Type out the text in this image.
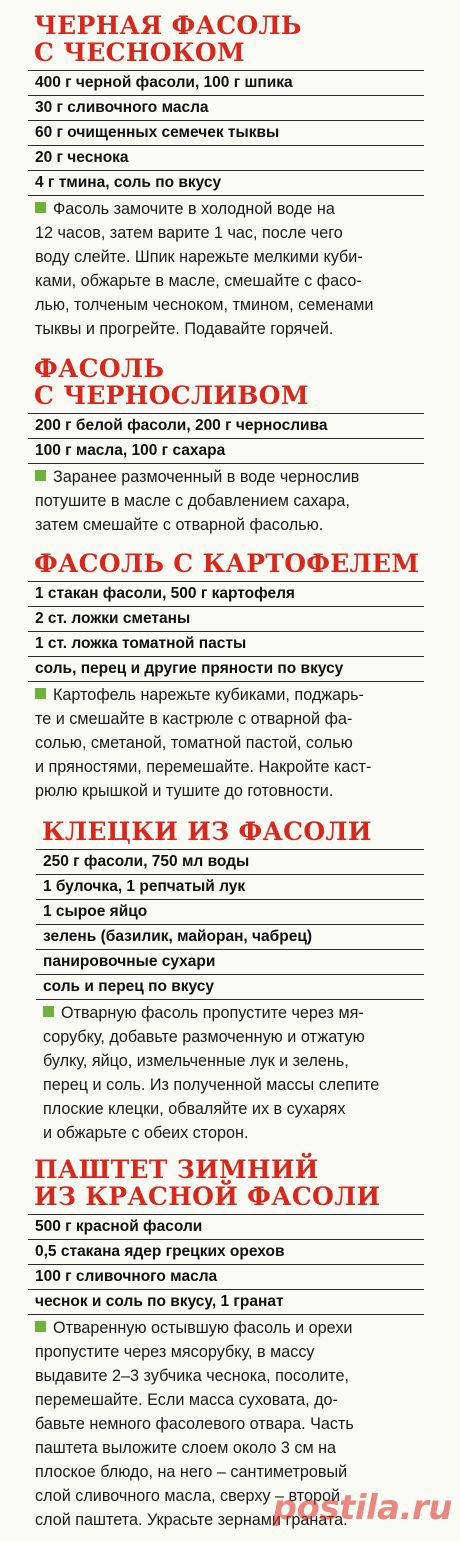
ЧЕРНАЯ ФАСОЛЬ
С ЧЕСНОКОМ
400 г черной фасоли, 100 г шпика
30 г сливочного масла
60 г очищенных семечек тыквы
20 г чеснока
4 г тмина, соль по вкусу
Фасоль замочите в холодной воде на
12 часов, затем варите 1 час, после чего
воду слейте. Шпик нарежьте мелкими куби-
ками, обжарьте в масле, смешайте с фасо-
лью, толченым чесноком, тмином, семенами
тыквы и прогрейте. Подавайте горячей.
ФАСОЛЬ
С ЧЕРНОСЛИВОМ
200 г белой фасоли, 200 г чернослива
100 г масла, 100 г сахара
Заранее размоченный в воде чернослив
потушите в масле с добавлением сахара,
затем смешайте с отварной фасолью.
ФАСОЛЬ С КАРТОФЕЛЕМ
1 стакан фасоли, 500 г картофеля
2 ст. ложки сметаны
1 ст. ложка томатной пасты
соль, перец и другие пряности по вкусу
Картофель нарежьте кубиками, поджарь-
те и смешайте в кастрюле с отварной фа-
солью, сметаной, томатной пастой, солью
и пряностями, перемешайте. Накройте каст-
рюлю крышкой и тушите до готовности.
КЛЕЦКИ ИЗ ФАСОЛИ
250 г фасоли, 750 мл воды
1 булочка, 1 репчатый лук
1 сырое яйцо
зелень (базилик, майоран, чабрец)
панировочные сухари
соль и перец по вкусу
Отварную фасоль пропустите через мя-
сорубку, добавьте размоченную и отжатую
булку, яйцо, измельченные лук и зелень,
перец и соль. Из полученной массы слепите
плоские клецки, обваляйте их в сухарях
и обжарьте с обеих сторон.
ПАШТЕТ ЗИМНИЙ
ИЗ КРАСНОЙ ФАСОЛИ
500 г красной фасоли
0,5 стакана ядер грецких орехов
100 г сливочного масла
чеснок и соль по вкусу, 1 гранат
Отваренную остывшую фасоль и орехи
пропустите через мясорубку, в массу
выдавите 2–3 зубчика чеснока, посолите,
перемешайте. Если масса суховата, до-
бавьте немного фасолевого отвара. Часть
паштета выложите слоем около 3 см на
плоское блюдо, на него – сантиметровый
слой сливочного масла, сверху – второй
слой паштета. Украсьте зернами граната.
postila.ru
